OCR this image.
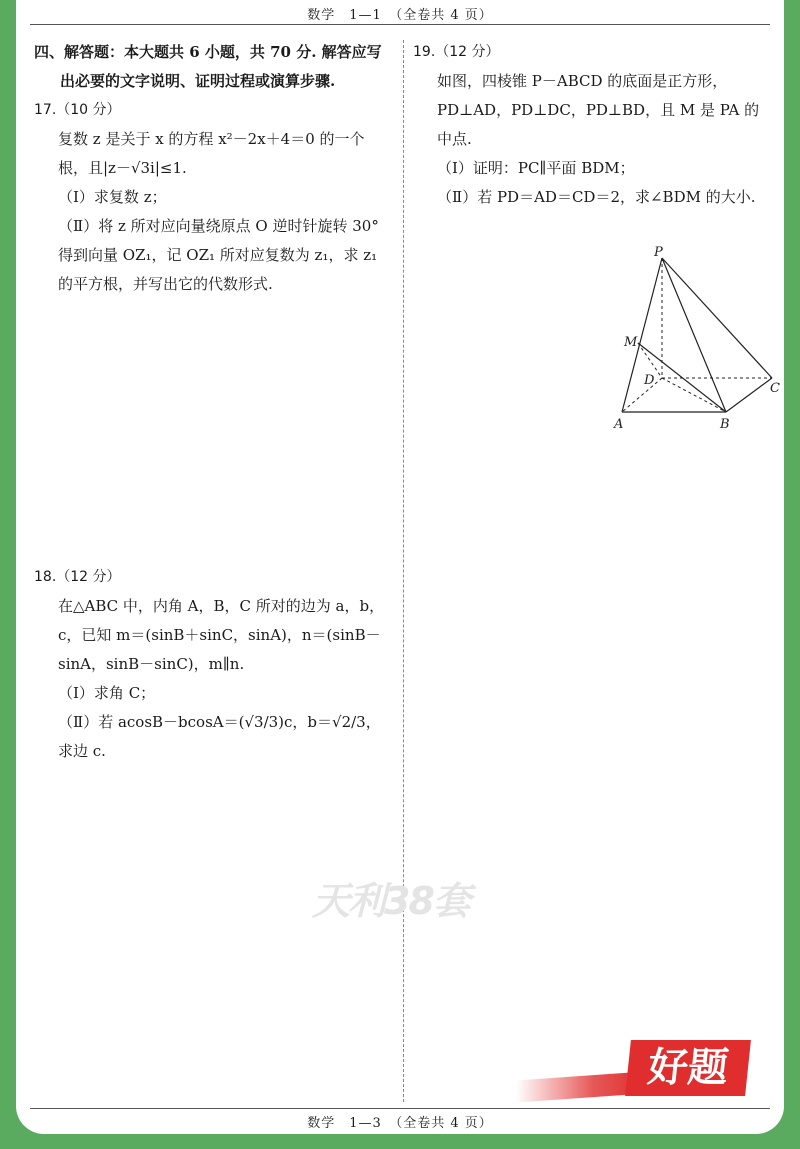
数学　1—1　（全卷共 4 页）
四、解答题：本大题共 6 小题，共 70 分. 解答应写出必要的文字说明、证明过程或演算步骤.
17.（10 分）
复数 z 是关于 x 的方程 x²－2x＋4＝0 的一个根，且|z－√3i|≤1.
（Ⅰ）求复数 z；
（Ⅱ）将 z 所对应向量绕原点 O 逆时针旋转 30°得到向量 OZ₁，记 OZ₁ 所对应复数为 z₁，求 z₁ 的平方根，并写出它的代数形式.
18.（12 分）
在△ABC 中，内角 A，B，C 所对的边为 a，b，c，已知 m＝(sinB＋sinC，sinA)，n＝(sinB－sinA，sinB－sinC)，m∥n.
（Ⅰ）求角 C；
（Ⅱ）若 acosB－bcosA＝(√3/3)c，b＝√2/3，求边 c.
19.（12 分）
如图，四棱锥 P－ABCD 的底面是正方形，PD⊥AD，PD⊥DC，PD⊥BD，且 M 是 PA 的中点.
（Ⅰ）证明：PC∥平面 BDM；
（Ⅱ）若 PD＝AD＝CD＝2，求∠BDM 的大小.
P
M
D
C
A	B
天利38套
好题
数学　1—3　（全卷共 4 页）
